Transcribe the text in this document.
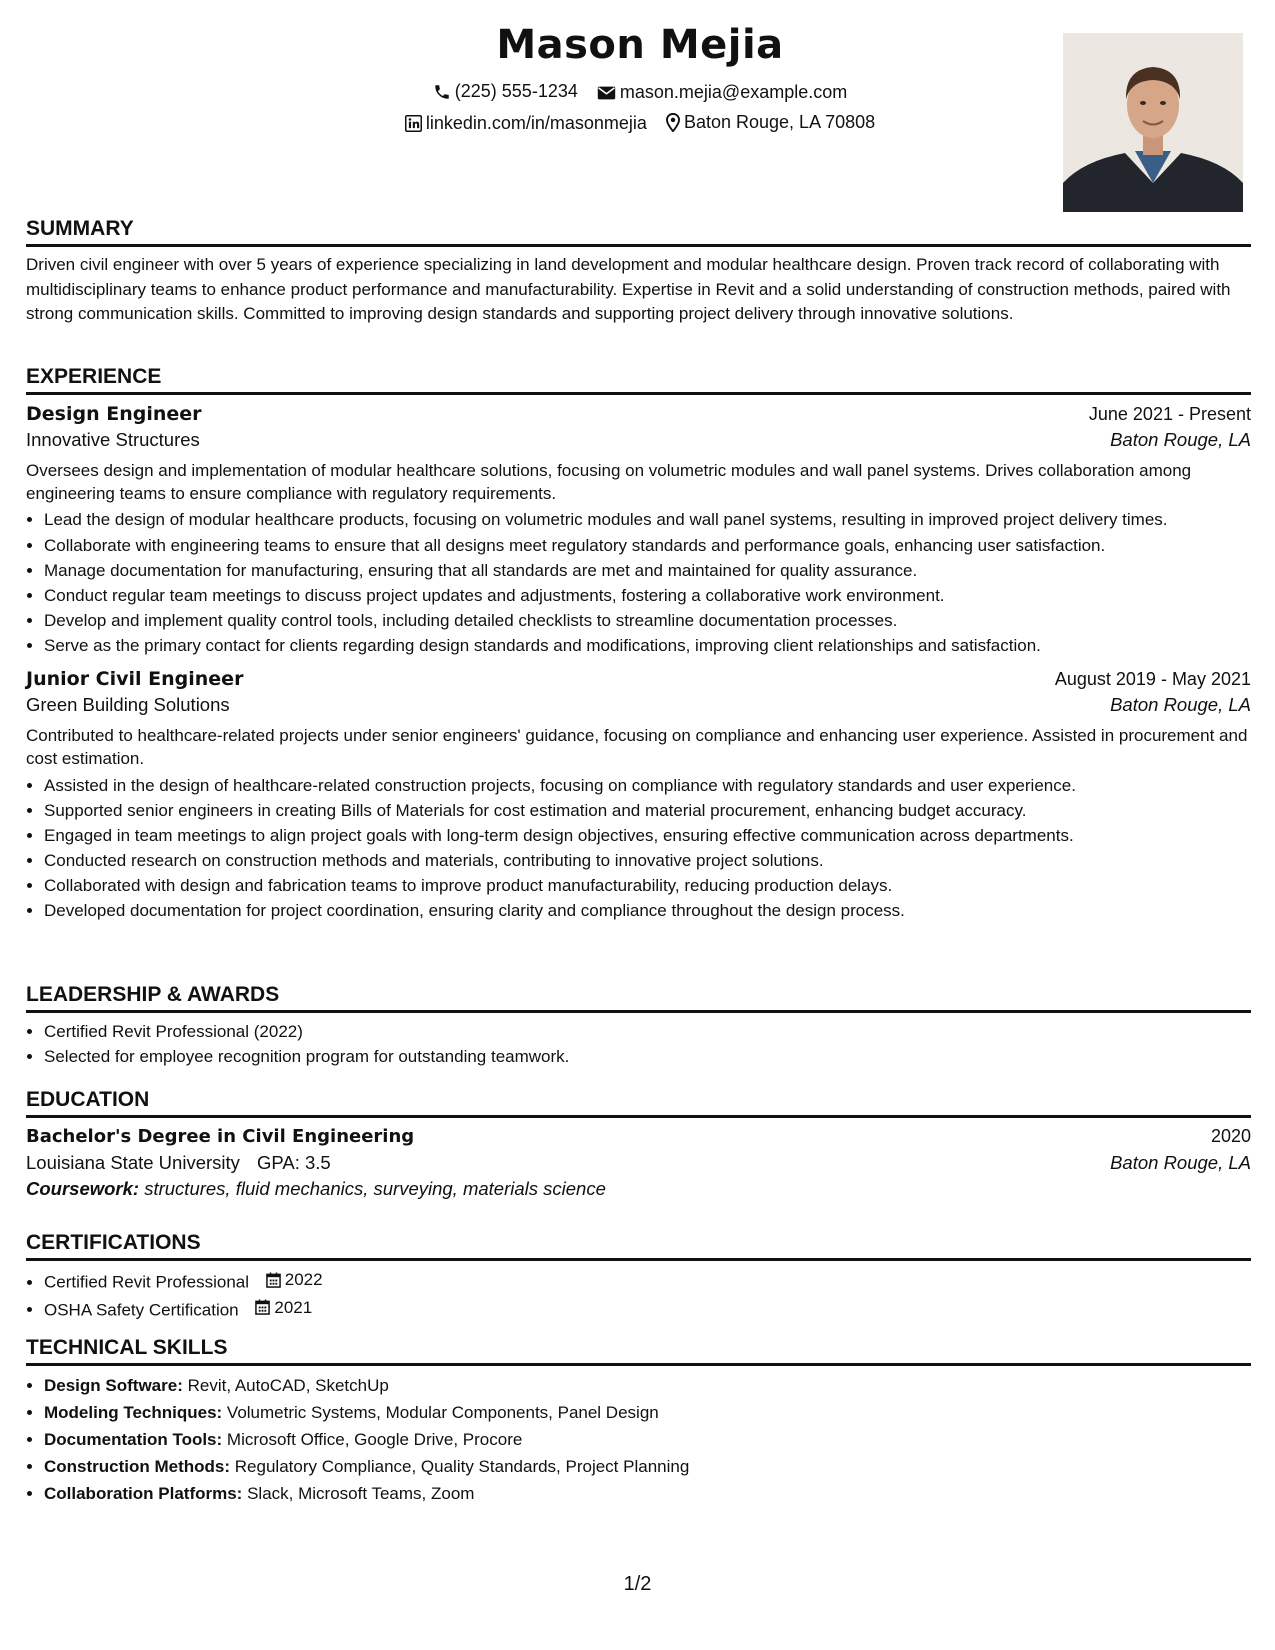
Mason Mejia
(225) 555-1234
mason.mejia@example.com
linkedin.com/in/masonmejia
Baton Rouge, LA 70808
SUMMARY

Driven civil engineer with over 5 years of experience specializing in land development and modular healthcare design. Proven track record of collaborating with multidisciplinary teams to enhance product performance and manufacturability. Expertise in Revit and a solid understanding of construction methods, paired with strong communication skills. Committed to improving design standards and supporting project delivery through innovative solutions.

EXPERIENCE
Design Engineer	June 2021 - Present
Innovative Structures	Baton Rouge, LA

Oversees design and implementation of modular healthcare solutions, focusing on volumetric modules and wall panel systems. Drives collaboration among engineering teams to ensure compliance with regulatory requirements.

• Lead the design of modular healthcare products, focusing on volumetric modules and wall panel systems, resulting in improved project delivery times.
• Collaborate with engineering teams to ensure that all designs meet regulatory standards and performance goals, enhancing user satisfaction.
• Manage documentation for manufacturing, ensuring that all standards are met and maintained for quality assurance.
• Conduct regular team meetings to discuss project updates and adjustments, fostering a collaborative work environment.
• Develop and implement quality control tools, including detailed checklists to streamline documentation processes.
• Serve as the primary contact for clients regarding design standards and modifications, improving client relationships and satisfaction.
Junior Civil Engineer	August 2019 - May 2021
Green Building Solutions	Baton Rouge, LA

Contributed to healthcare-related projects under senior engineers' guidance, focusing on compliance and enhancing user experience. Assisted in procurement and cost estimation.

• Assisted in the design of healthcare-related construction projects, focusing on compliance with regulatory standards and user experience.
• Supported senior engineers in creating Bills of Materials for cost estimation and material procurement, enhancing budget accuracy.
• Engaged in team meetings to align project goals with long-term design objectives, ensuring effective communication across departments.
• Conducted research on construction methods and materials, contributing to innovative project solutions.
• Collaborated with design and fabrication teams to improve product manufacturability, reducing production delays.
• Developed documentation for project coordination, ensuring clarity and compliance throughout the design process.
LEADERSHIP & AWARDS
• Certified Revit Professional (2022)
• Selected for employee recognition program for outstanding teamwork.
EDUCATION
Bachelor's Degree in Civil Engineering	2020
Louisiana State University GPA: 3.5	Baton Rouge, LA
Coursework: structures, fluid mechanics, surveying, materials science
CERTIFICATIONS
• Certified Revit Professional 2022
• OSHA Safety Certification 2021
TECHNICAL SKILLS
• Design Software: Revit, AutoCAD, SketchUp
• Modeling Techniques: Volumetric Systems, Modular Components, Panel Design
• Documentation Tools: Microsoft Office, Google Drive, Procore
• Construction Methods: Regulatory Compliance, Quality Standards, Project Planning
• Collaboration Platforms: Slack, Microsoft Teams, Zoom
1/2
